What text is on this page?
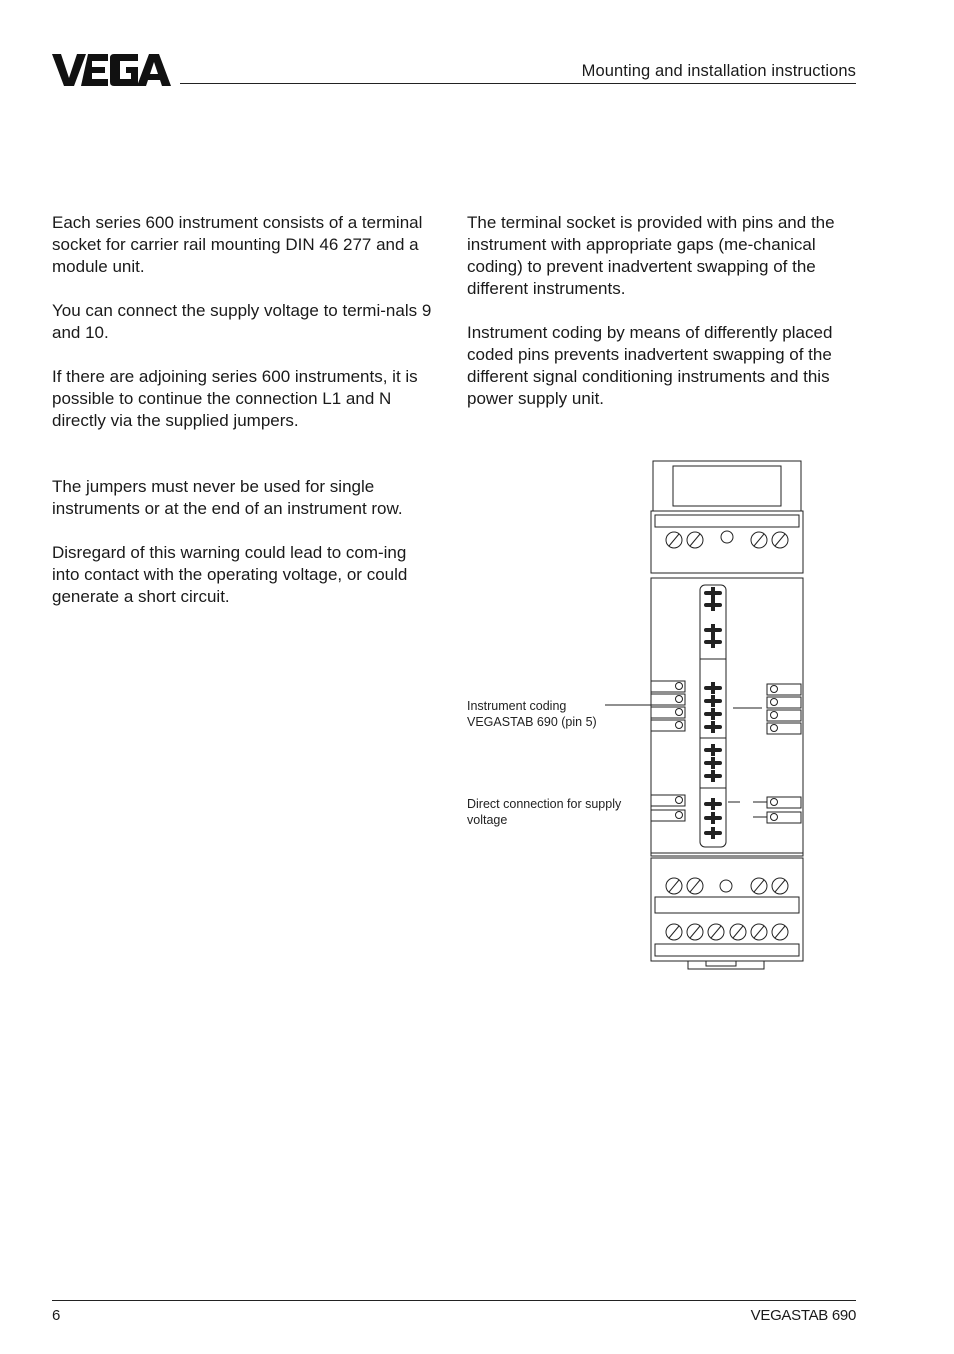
Mounting and installation instructions

Each series 600 instrument consists of a terminal socket for carrier rail mounting DIN 46 277 and a module unit.

You can connect the supply voltage to termi-nals 9 and 10.

If there are adjoining series 600 instruments, it is possible to continue the connection L1 and N directly via the supplied jumpers.

The jumpers must never be used for single instruments or at the end of an instrument row.

Disregard of this warning could lead to com-ing into contact with the operating voltage, or could generate a short circuit.

The terminal socket is provided with pins and the instrument with appropriate gaps (me-chanical coding) to prevent inadvertent swapping of the different instruments.

Instrument coding by means of differently placed coded pins prevents inadvertent swapping of the different signal conditioning instruments and this power supply unit.

Instrument coding
VEGASTAB 690 (pin 5)
Direct connection for supply voltage
6	VEGASTAB 690
